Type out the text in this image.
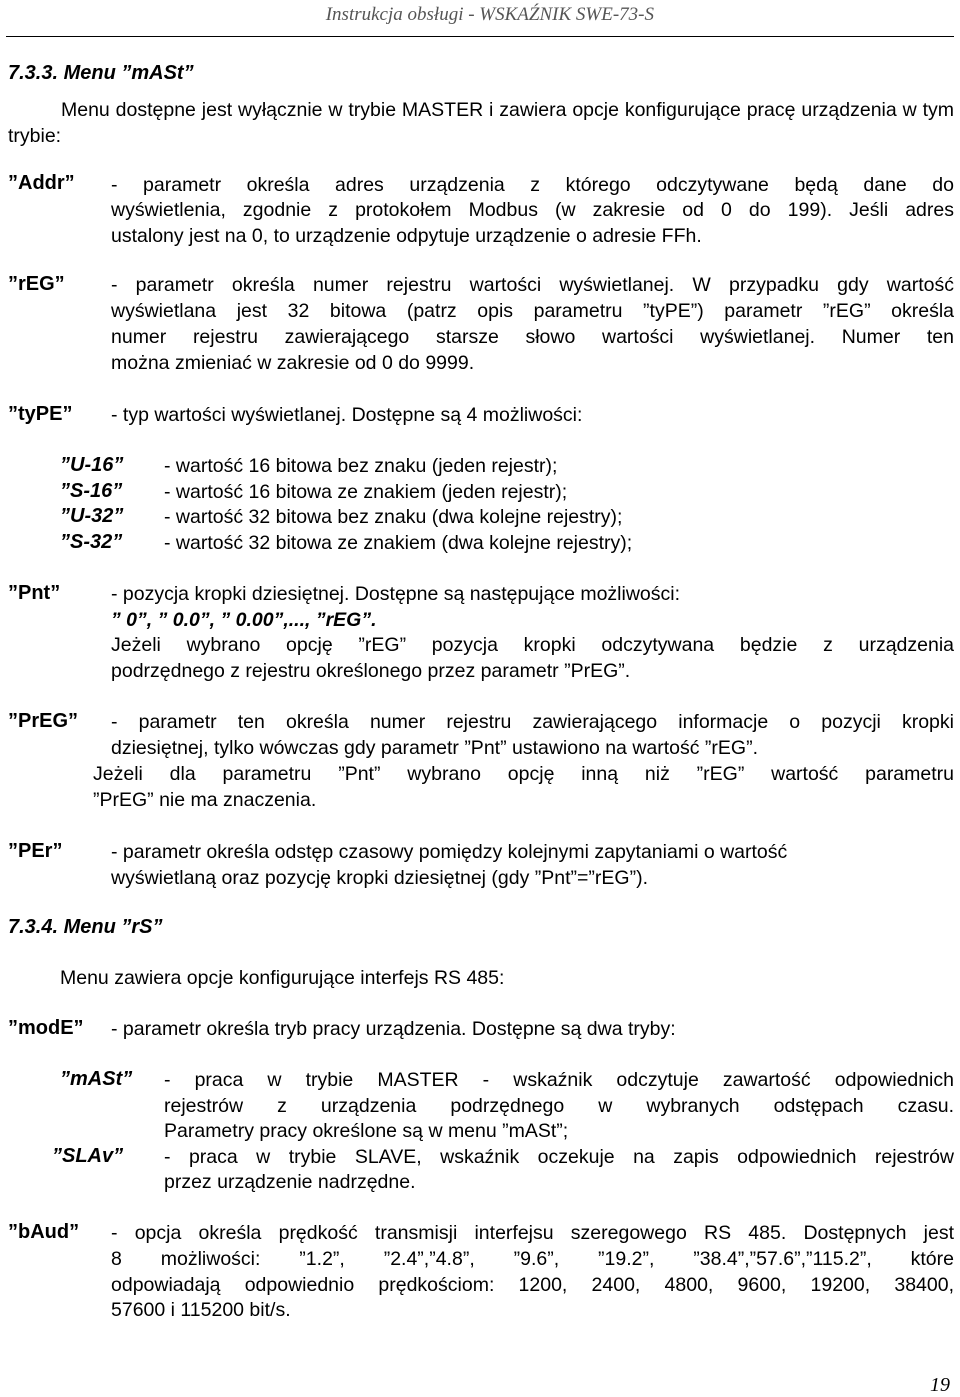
Instrukcja obsługi - WSKAŹNIK SWE-73-S
7.3.3. Menu ”mASt”
Menu dostępne jest wyłącznie w trybie MASTER i zawiera opcje konfigurujące pracę urządzenia w tym trybie:
”Addr” - parametr określa adres urządzenia z którego odczytywane będą dane do
wyświetlenia, zgodnie z protokołem Modbus (w zakresie od 0 do 199). Jeśli adres
ustalony jest na 0, to urządzenie odpytuje urządzenie o adresie FFh.
”rEG” - parametr określa numer rejestru wartości wyświetlanej. W przypadku gdy wartość
wyświetlana jest 32 bitowa (patrz opis parametru ”tyPE”) parametr ”rEG” określa
numer rejestru zawierającego starsze słowo wartości wyświetlanej. Numer ten
można zmieniać w zakresie od 0 do 9999.
”tyPE” - typ wartości wyświetlanej. Dostępne są 4 możliwości:
”U-16” - wartość 16 bitowa bez znaku (jeden rejestr);
”S-16” - wartość 16 bitowa ze znakiem (jeden rejestr);
”U-32” - wartość 32 bitowa bez znaku (dwa kolejne rejestry);
”S-32” - wartość 32 bitowa ze znakiem (dwa kolejne rejestry);
”Pnt”	- pozycja kropki dziesiętnej. Dostępne są następujące możliwości:
” 0”, ” 0.0”, ” 0.00”,..., ”rEG”.
Jeżeli wybrano opcję ”rEG” pozycja kropki odczytywana będzie z urządzenia
podrzędnego z rejestru określonego przez parametr ”PrEG”.
”PrEG” - parametr ten określa numer rejestru zawierającego informacje o pozycji kropki
dziesiętnej, tylko wówczas gdy parametr ”Pnt” ustawiono na wartość ”rEG”.
Jeżeli dla parametru ”Pnt” wybrano opcję inną niż ”rEG” wartość parametru
”PrEG” nie ma znaczenia.
”PEr” - parametr określa odstęp czasowy pomiędzy kolejnymi zapytaniami o wartość
wyświetlaną oraz pozycję kropki dziesiętnej (gdy ”Pnt”=”rEG”).
7.3.4. Menu ”rS”
Menu zawiera opcje konfigurujące interfejs RS 485:
”modE” - parametr określa tryb pracy urządzenia. Dostępne są dwa tryby:
”mASt” - praca w trybie MASTER - wskaźnik odczytuje zawartość odpowiednich
rejestrów z urządzenia podrzędnego w wybranych odstępach czasu.
Parametry pracy określone są w menu ”mASt”;
”SLAv” - praca w trybie SLAVE, wskaźnik oczekuje na zapis odpowiednich rejestrów
przez urządzenie nadrzędne.
”bAud” - opcja określa prędkość transmisji interfejsu szeregowego RS 485. Dostępnych jest
8 możliwości: ”1.2”, ”2.4”,”4.8”, ”9.6”, ”19.2”, ”38.4”,”57.6”,”115.2”, które
odpowiadają odpowiednio prędkościom: 1200, 2400, 4800, 9600, 19200, 38400,
57600 i 115200 bit/s.
19
